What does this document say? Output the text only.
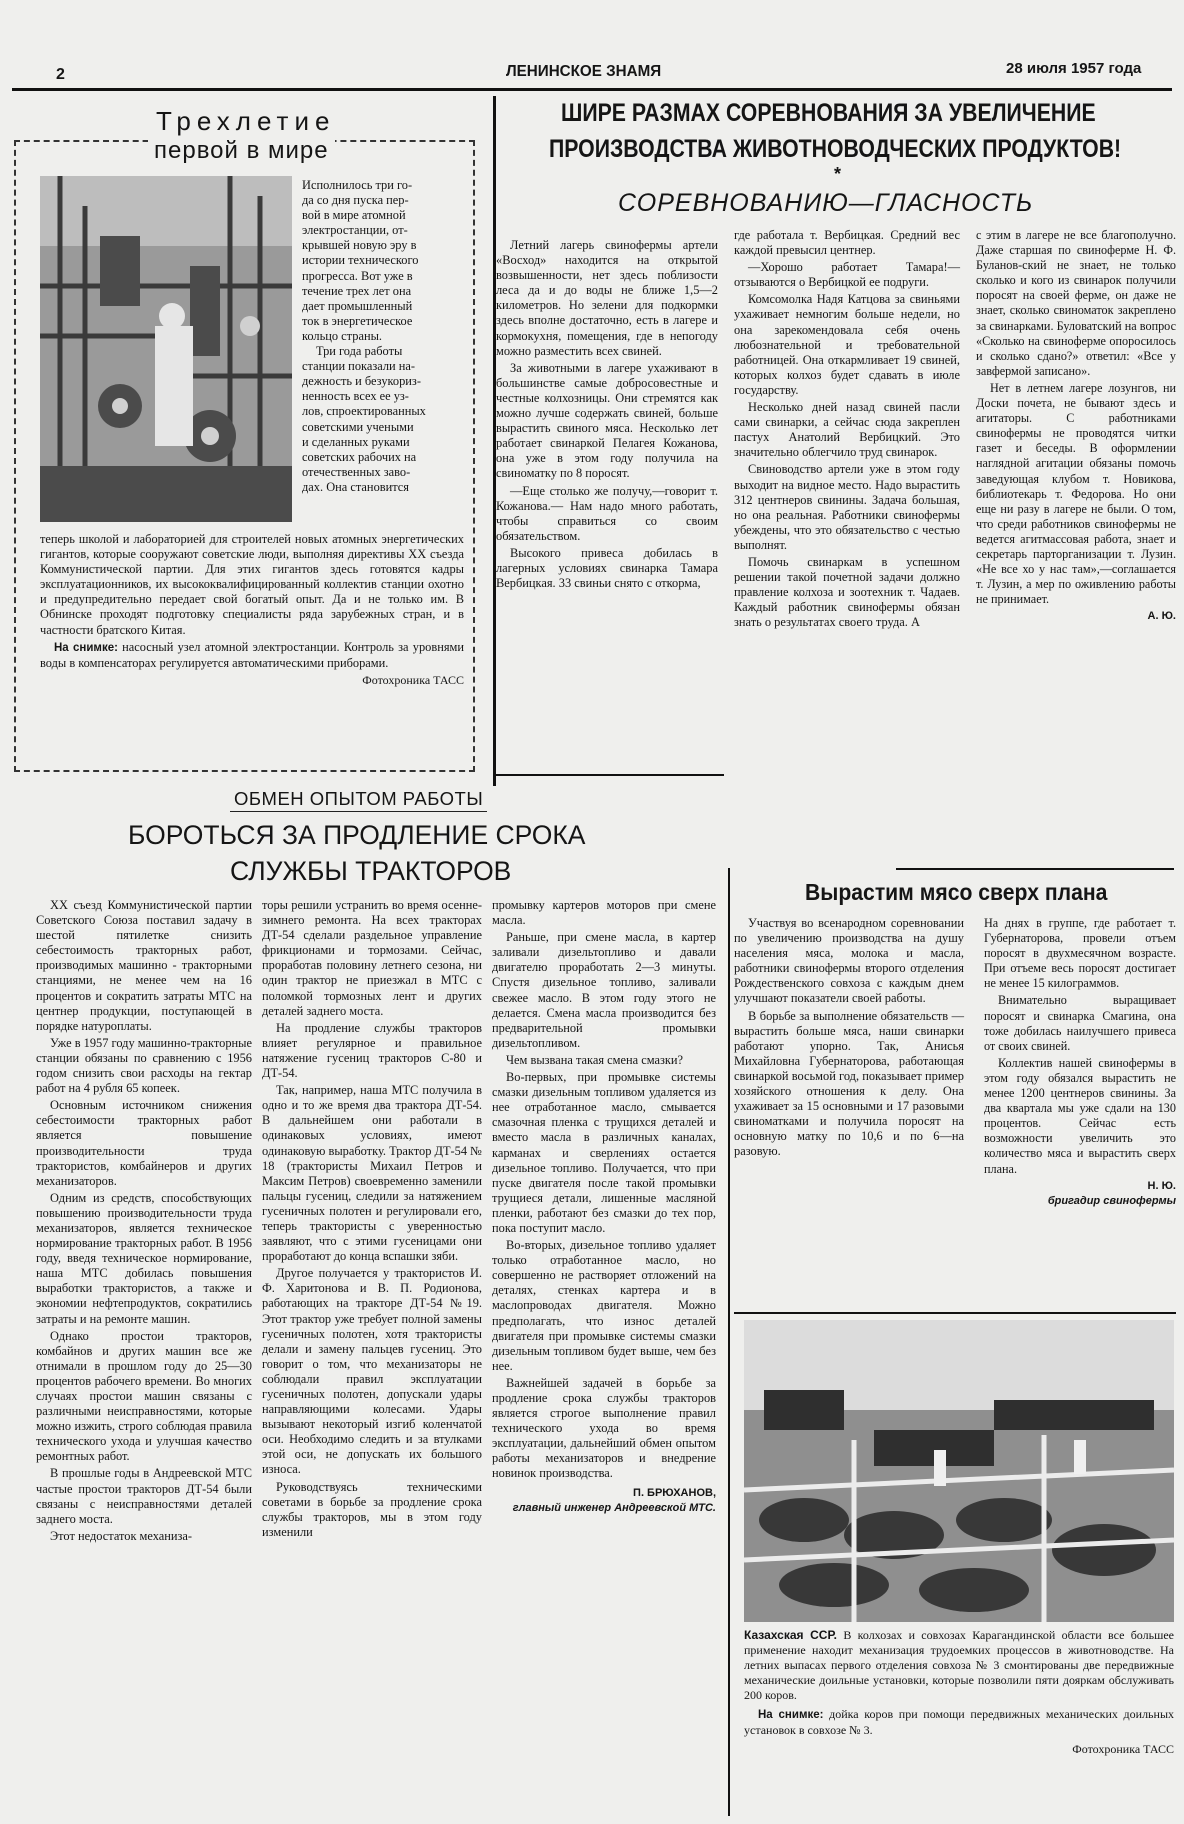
2	ЛЕНИНСКОЕ ЗНАМЯ	28 июля 1957 года
Трехлетие
первой в мире
Исполнилось три го-
да со дня пуска пер-
вой в мире атомной
электростанции, от-
крывшей новую эру в
истории технического
прогресса. Вот уже в
течение трех лет она
дает промышленный
ток в энергетическое
кольцо страны.
Три года работы
станции показали на-
дежность и безукориз-
ненность всех ее уз-
лов, спроектированных
советскими учеными
и сделанных руками
советских рабочих на
отечественных заво-
дах. Она становится

теперь школой и лабораторией для строителей новых атомных энергетических гигантов, которые сооружают советские люди, выполняя директивы XX съезда Коммунистической партии. Для этих гигантов здесь готовятся кадры эксплуатационников, их высококвалифицированный коллектив станции охотно и предупредительно передает свой богатый опыт. Да и не только им. В Обнинске проходят подготовку специалисты ряда зарубежных стран, и в частности братского Китая.

На снимке: насосный узел атомной электростанции. Контроль за уровнями воды в компенсаторах регулируется автоматическими приборами.

Фотохроника ТАСС
ШИРЕ РАЗМАХ СОРЕВНОВАНИЯ ЗА УВЕЛИЧЕНИЕ
ПРОИЗВОДСТВА ЖИВОТНОВОДЧЕСКИХ ПРОДУКТОВ!
*
СОРЕВНОВАНИЮ—ГЛАСНОСТЬ

Летний лагерь свинофермы артели «Восход» находится на открытой возвышенности, нет здесь поблизости леса да и до воды не ближе 1,5—2 километров. Но зелени для подкормки здесь вполне достаточно, есть в лагере и кормокухня, помещения, где в непогоду можно разместить всех свиней.

За животными в лагере ухаживают в большинстве самые добросовестные и честные колхозницы. Они стремятся как можно лучше содержать свиней, больше вырастить свиного мяса. Несколько лет работает свинаркой Пелагея Кожанова, она уже в этом году получила на свиноматку по 8 поросят.

—Еще столько же получу,—говорит т. Кожанова.— Нам надо много работать, чтобы справиться со своим обязательством.

Высокого привеса добилась в лагерных условиях свинарка Тамара Вербицкая. 33 свиньи снято с откорма,

где работала т. Вербицкая. Средний вес каждой превысил центнер.

—Хорошо работает Тамара!—отзываются о Вербицкой ее подруги.

Комсомолка Надя Катцова за свиньями ухаживает немногим больше недели, но она зарекомендовала себя очень любознательной и требовательной работницей. Она откармливает 19 свиней, которых колхоз будет сдавать в июле государству.

Несколько дней назад свиней пасли сами свинарки, а сейчас сюда закреплен пастух Анатолий Вербицкий. Это значительно облегчило труд свинарок.

Свиноводство артели уже в этом году выходит на видное место. Надо вырастить 312 центнеров свинины. Задача большая, но она реальная. Работники свинофермы убеждены, что это обязательство с честью выполнят.

Помочь свинаркам в успешном решении такой почетной задачи должно правление колхоза и зоотехник т. Чадаев. Каждый работник свинофермы обязан знать о результатах своего труда. А

с этим в лагере не все благополучно. Даже старшая по свиноферме Н. Ф. Буланов-ский не знает, не только сколько и кого из свинарок получили поросят на своей ферме, он даже не знает, сколько свиноматок закреплено за свинарками. Буловатский на вопрос «Сколько на свиноферме опоросилось и сколько сдано?» ответил: «Все у завфермой записано».

Нет в летнем лагере лозунгов, ни Доски почета, не бывают здесь и агитаторы. С работниками свинофермы не проводятся читки газет и беседы. В оформлении наглядной агитации обязаны помочь заведующая клубом т. Новикова, библиотекарь т. Федорова. Но они еще ни разу в лагере не были. О том, что среди работников свинофермы не ведется агитмассовая работа, знает и секретарь парторганизации т. Лузин. «Не все хо у нас там»,—соглашается т. Лузин, а мер по оживлению работы не принимает.

А. Ю.
Вырастим мясо сверх плана

Участвуя во всенародном соревновании по увеличению производства на душу населения мяса, молока и масла, работники свинофермы второго отделения Рождественского совхоза с каждым днем улучшают показатели своей работы.

В борьбе за выполнение обязательств — вырастить больше мяса, наши свинарки работают упорно. Так, Анисья Михайловна Губернаторова, работающая свинаркой восьмой год, показывает пример хозяйского отношения к делу. Она ухаживает за 15 основными и 17 разовыми свиноматками и получила поросят на основную матку по 10,6 и по 6—на разовую.

На днях в группе, где работает т. Губернаторова, провели отъем поросят в двухмесячном возрасте. При отъеме весь поросят достигает не менее 15 килограммов.

Внимательно выращивает поросят и свинарка Смагина, она тоже добилась наилучшего привеса от своих свиней.

Коллектив нашей свинофермы в этом году обязался вырастить не менее 1200 центнеров свинины. За два квартала мы уже сдали на 130 процентов. Сейчас есть возможности увеличить это количество мяса и вырастить сверх плана.

Н. Ю.
бригадир свинофермы
Казахская ССР. В колхозах и совхозах Карагандинской области все большее применение находит механизация трудоемких процессов в животноводстве. На летних выпасах первого отделения совхоза № 3 смонтированы две передвижные механические доильные установки, которые позволили пяти дояркам обслуживать 200 коров.
На снимке: дойка коров при помощи передвижных механических доильных установок в совхозе № 3.
Фотохроника ТАСС
ОБМЕН ОПЫТОМ РАБОТЫ
БОРОТЬСЯ ЗА ПРОДЛЕНИЕ СРОКА
СЛУЖБЫ ТРАКТОРОВ

XX съезд Коммунистической партии Советского Союза поставил задачу в шестой пятилетке снизить себестоимость тракторных работ, производимых машинно - тракторными станциями, не менее чем на 16 процентов и сократить затраты МТС на центнер продукции, поступающей в порядке натуроплаты.

Уже в 1957 году машинно-тракторные станции обязаны по сравнению с 1956 годом снизить свои расходы на гектар работ на 4 рубля 65 копеек.

Основным источником снижения себестоимости тракторных работ является повышение производительности труда трактористов, комбайнеров и других механизаторов.

Одним из средств, способствующих повышению производительности труда механизаторов, является техническое нормирование тракторных работ. В 1956 году, введя техническое нормирование, наша МТС добилась повышения выработки трактористов, а также и экономии нефтепродуктов, сократились затраты и на ремонте машин.

Однако простои тракторов, комбайнов и других машин все же отнимали в прошлом году до 25—30 процентов рабочего времени. Во многих случаях простои машин связаны с различными неисправностями, которые можно изжить, строго соблюдая правила технического ухода и улучшая качество ремонтных работ.

В прошлые годы в Андреевской МТС частые простои тракторов ДТ-54 были связаны с неисправностями деталей заднего моста.

Этот недостаток механиза-

торы решили устранить во время осенне-зимнего ремонта. На всех тракторах ДТ-54 сделали раздельное управление фрикционами и тормозами. Сейчас, проработав половину летнего сезона, ни один трактор не приезжал в МТС с поломкой тормозных лент и других деталей заднего моста.

На продление службы тракторов влияет регулярное и правильное натяжение гусениц тракторов С-80 и ДТ-54.

Так, например, наша МТС получила в одно и то же время два трактора ДТ-54. В дальнейшем они работали в одинаковых условиях, имеют одинаковую выработку. Трактор ДТ-54 № 18 (трактористы Михаил Петров и Максим Петров) своевременно заменили пальцы гусениц, следили за натяжением гусеничных полотен и регулировали его, теперь трактористы с уверенностью заявляют, что с этими гусеницами они проработают до конца вспашки зяби.

Другое получается у трактористов И. Ф. Харитонова и В. П. Родионова, работающих на тракторе ДТ-54 №19. Этот трактор уже требует полной замены гусеничных полотен, хотя трактористы делали и замену пальцев гусениц. Это говорит о том, что механизаторы не соблюдали правил эксплуатации гусеничных полотен, допускали удары направляющими колесами. Удары вызывают некоторый изгиб коленчатой оси. Необходимо следить и за втулками этой оси, не допускать их большого износа.

Руководствуясь техническими советами в борьбе за продление срока службы тракторов, мы в этом году изменили

промывку картеров моторов при смене масла.

Раньше, при смене масла, в картер заливали дизельтопливо и давали двигателю проработать 2—3 минуты. Спустя дизельное топливо, заливали свежее масло. В этом году этого не делается. Смена масла производится без предварительной промывки дизельтопливом.

Чем вызвана такая смена смазки?

Во-первых, при промывке системы смазки дизельным топливом удаляется из нее отработанное масло, смывается смазочная пленка с трущихся деталей и вместо масла в различных каналах, карманах и сверлениях остается дизельное топливо. Получается, что при пуске двигателя после такой промывки трущиеся детали, лишенные масляной пленки, работают без смазки до тех пор, пока поступит масло.

Во-вторых, дизельное топливо удаляет только отработанное масло, но совершенно не растворяет отложений на деталях, стенках картера и в маслопроводах двигателя. Можно предполагать, что износ деталей двигателя при промывке системы смазки дизельным топливом будет выше, чем без нее.

Важнейшей задачей в борьбе за продление срока службы тракторов является строгое выполнение правил технического ухода во время эксплуатации, дальнейший обмен опытом работы механизаторов и внедрение новинок производства.

П. БРЮХАНОВ,
главный инженер Андреевской МТС.
